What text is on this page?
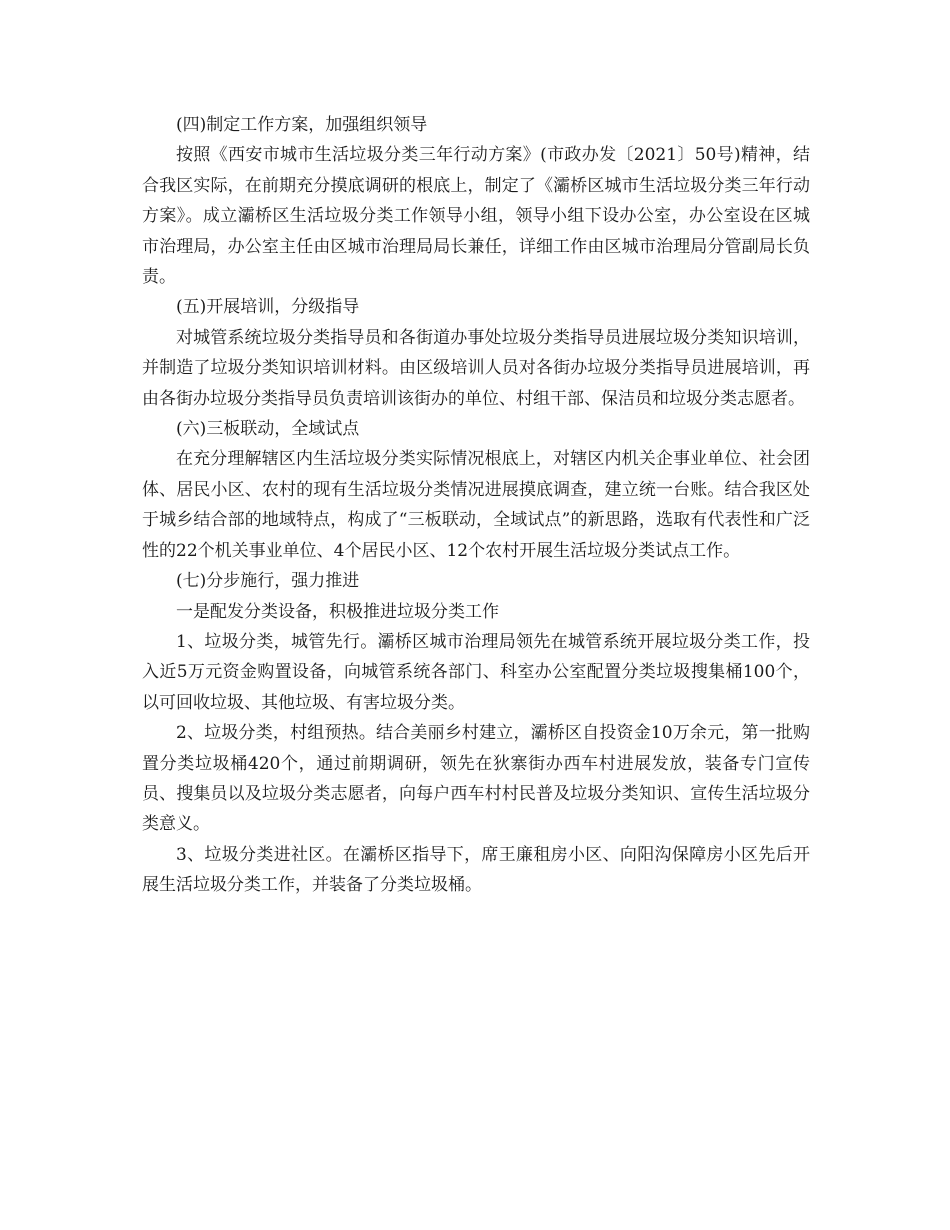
(四)制定工作方案，加强组织领导

按照《西安市城市生活垃圾分类三年行动方案》(市政办发〔2021〕50号)精神，结合我区实际，在前期充分摸底调研的根底上，制定了《灞桥区城市生活垃圾分类三年行动方案》。成立灞桥区生活垃圾分类工作领导小组，领导小组下设办公室，办公室设在区城市治理局，办公室主任由区城市治理局局长兼任，详细工作由区城市治理局分管副局长负责。

(五)开展培训，分级指导

对城管系统垃圾分类指导员和各街道办事处垃圾分类指导员进展垃圾分类知识培训，并制造了垃圾分类知识培训材料。由区级培训人员对各街办垃圾分类指导员进展培训，再由各街办垃圾分类指导员负责培训该街办的单位、村组干部、保洁员和垃圾分类志愿者。

(六)三板联动，全域试点

在充分理解辖区内生活垃圾分类实际情况根底上，对辖区内机关企事业单位、社会团体、居民小区、农村的现有生活垃圾分类情况进展摸底调查，建立统一台账。结合我区处于城乡结合部的地域特点，构成了“三板联动，全域试点”的新思路，选取有代表性和广泛性的22个机关事业单位、4个居民小区、12个农村开展生活垃圾分类试点工作。

(七)分步施行，强力推进

一是配发分类设备，积极推进垃圾分类工作

1、垃圾分类，城管先行。灞桥区城市治理局领先在城管系统开展垃圾分类工作，投入近5万元资金购置设备，向城管系统各部门、科室办公室配置分类垃圾搜集桶100个，以可回收垃圾、其他垃圾、有害垃圾分类。

2、垃圾分类，村组预热。结合美丽乡村建立，灞桥区自投资金10万余元，第一批购置分类垃圾桶420个，通过前期调研，领先在狄寨街办西车村进展发放，装备专门宣传员、搜集员以及垃圾分类志愿者，向每户西车村村民普及垃圾分类知识、宣传生活垃圾分类意义。

3、垃圾分类进社区。在灞桥区指导下，席王廉租房小区、向阳沟保障房小区先后开展生活垃圾分类工作，并装备了分类垃圾桶。
